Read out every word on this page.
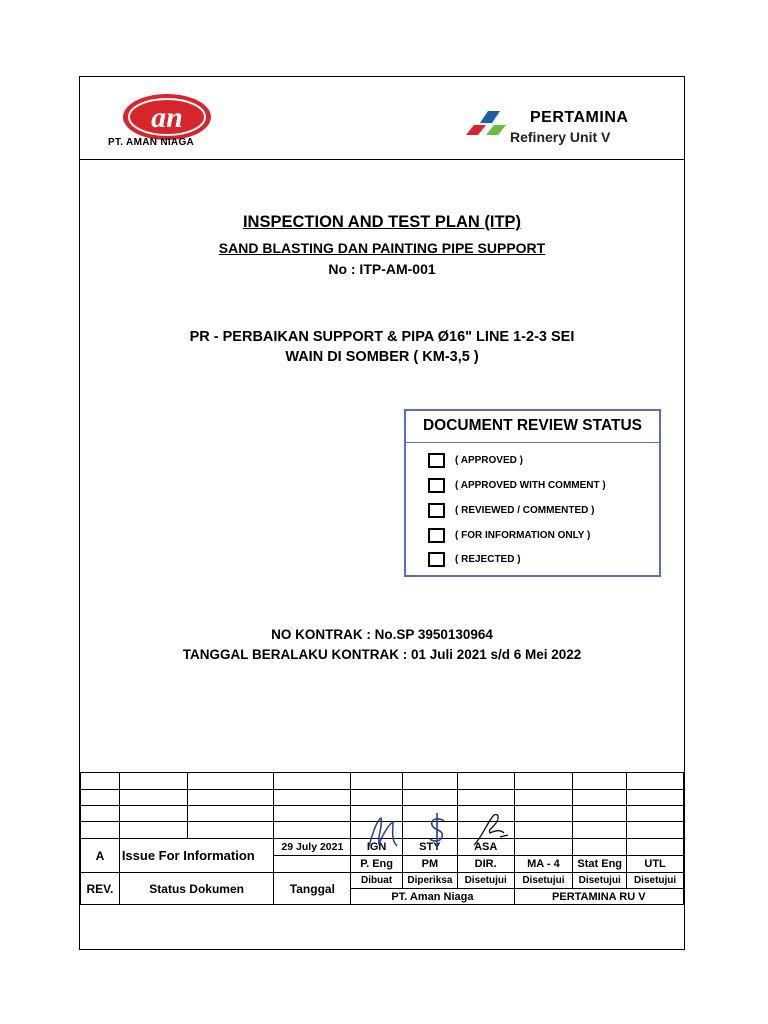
an
PT. AMAN NIAGA
PERTAMINA
Refinery Unit V
INSPECTION AND TEST PLAN (ITP)
SAND BLASTING DAN PAINTING PIPE SUPPORT
No : ITP-AM-001
PR - PERBAIKAN SUPPORT & PIPA Ø16" LINE 1-2-3 SEI
WAIN DI SOMBER ( KM-3,5 )
DOCUMENT REVIEW STATUS
( APPROVED )
( APPROVED WITH COMMENT )
( REVIEWED / COMMENTED )
( FOR INFORMATION ONLY )
( REJECTED )
NO KONTRAK : No.SP 3950130964
TANGGAL BERALAKU KONTRAK : 01 Juli 2021 s/d 6 Mei 2022

A	Issue For Information		29 July 2021	IGN	STY	ASA			
				P. Eng	PM	DIR.	MA - 4	Stat Eng	UTL
REV.	Status Dokumen		Tanggal	Dibuat	Diperiksa	Disetujui	Disetujui	Disetujui	Disetujui
				PT. Aman Niaga			PERTAMINA RU V		
